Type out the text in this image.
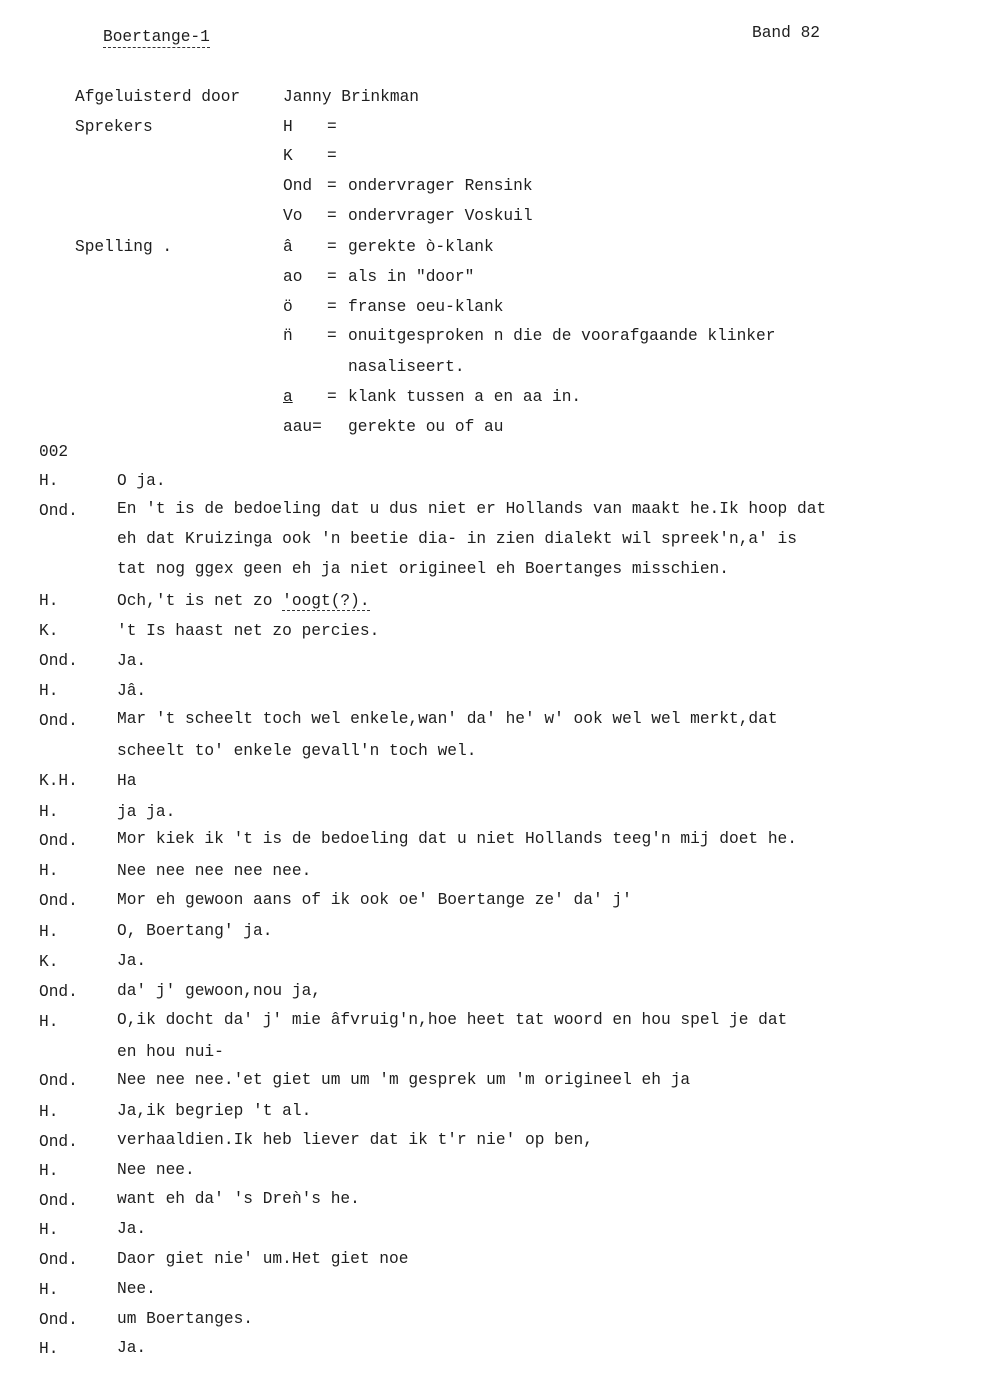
Boertange-1	Band 82
Afgeluisterd door	Janny Brinkman
Sprekers	H =
K =
Ond = ondervrager Rensink
Vo = ondervrager Voskuil
Spelling .	â = gerekte ò-klank
ao = als in "door"
ö = franse oeu-klank
n̈ = onuitgesproken n die de voorafgaande klinker
nasaliseert.
a = klank tussen a en aa in.
aau= gerekte ou of au
002
H.	O ja.
Ond. En 't is de bedoeling dat u dus niet er Hollands van maakt he.Ik hoop dat
eh dat Kruizinga ook 'n beetie dia- in zien dialekt wil spreek'n,a' is
tat nog ggex geen eh ja niet origineel eh Boertanges misschien.
H.	Och,'t is net zo 'oogt(?).
K.	't Is haast net zo percies.
Ond. Ja.
H.	Jâ.
Ond. Mar 't scheelt toch wel enkele,wan' da' he' w' ook wel wel merkt,dat
scheelt to' enkele gevall'n toch wel.
K.H. Ha
H.	ja ja.
Ond. Mor kiek ik 't is de bedoeling dat u niet Hollands teeg'n mij doet he.
H.	Nee nee nee nee nee.
Ond. Mor eh gewoon aans of ik ook oe' Boertange ze' da' j'
H.	O, Boertang' ja.
K.	Ja.
Ond. da' j' gewoon,nou ja,
H.	O,ik docht da' j' mie âfvruig'n,hoe heet tat woord en hou spel je dat
en hou nui-
Ond. Nee nee nee.'et giet um um 'm gesprek um 'm origineel eh ja
H.	Ja,ik begriep 't al.
Ond. verhaaldien.Ik heb liever dat ik t'r nie' op ben,
H.	Nee nee.
Ond. want eh da' 's Dreǹ's he.
H.	Ja.
Ond. Daor giet nie' um.Het giet noe
H.	Nee.
Ond. um Boertanges.
H.	Ja.
